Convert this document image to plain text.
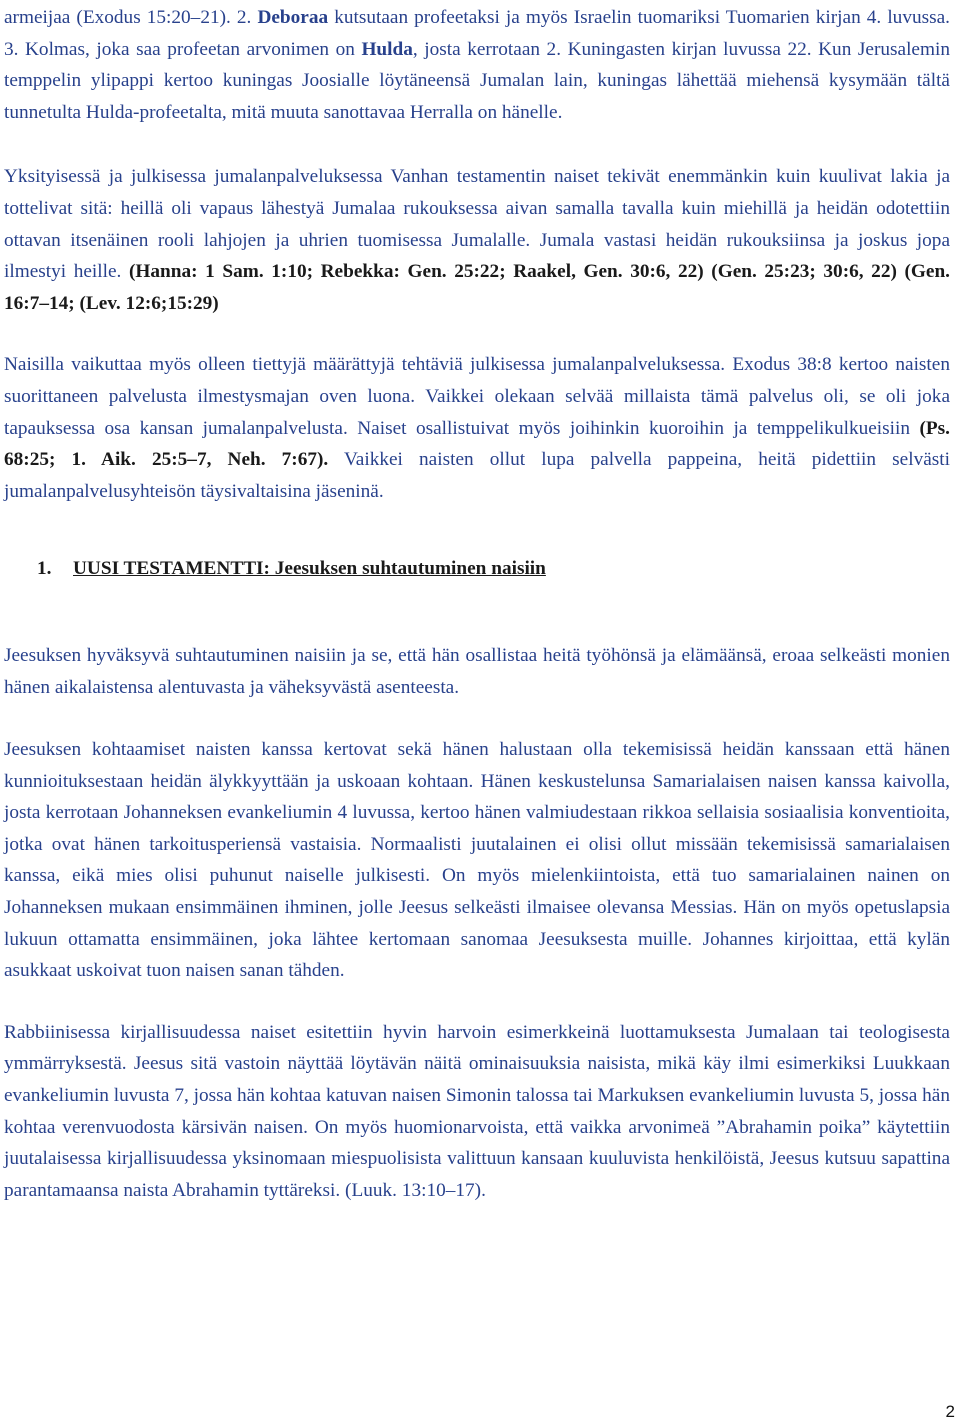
armeijaa (Exodus 15:20–21). 2. Deboraa kutsutaan profeetaksi ja myös Israelin tuomariksi Tuomarien kirjan 4. luvussa. 3. Kolmas, joka saa profeetan arvonimen on Hulda, josta kerrotaan 2. Kuningasten kirjan luvussa 22. Kun Jerusalemin temppelin ylipappi kertoo kuningas Joosialle löytäneensä Jumalan lain, kuningas lähettää miehensä kysymään tältä tunnetulta Hulda-profeetalta, mitä muuta sanottavaa Herralla on hänelle.

Yksityisessä ja julkisessa jumalanpalveluksessa Vanhan testamentin naiset tekivät enemmänkin kuin kuulivat lakia ja tottelivat sitä: heillä oli vapaus lähestyä Jumalaa rukouksessa aivan samalla tavalla kuin miehillä ja heidän odotettiin ottavan itsenäinen rooli lahjojen ja uhrien tuomisessa Jumalalle. Jumala vastasi heidän rukouksiinsa ja joskus jopa ilmestyi heille. (Hanna: 1 Sam. 1:10; Rebekka: Gen. 25:22; Raakel, Gen. 30:6, 22) (Gen. 25:23; 30:6, 22) (Gen. 16:7–14; (Lev. 12:6;15:29)

Naisilla vaikuttaa myös olleen tiettyjä määrättyjä tehtäviä julkisessa jumalanpalveluksessa. Exodus 38:8 kertoo naisten suorittaneen palvelusta ilmestysmajan oven luona. Vaikkei olekaan selvää millaista tämä palvelus oli, se oli joka tapauksessa osa kansan jumalanpalvelusta. Naiset osallistuivat myös joihinkin kuoroihin ja temppelikulkueisiin (Ps. 68:25; 1. Aik. 25:5–7, Neh. 7:67). Vaikkei naisten ollut lupa palvella pappeina, heitä pidettiin selvästi jumalanpalvelusyhteisön täysivaltaisina jäseninä.

1. UUSI TESTAMENTTI: Jeesuksen suhtautuminen naisiin

Jeesuksen hyväksyvä suhtautuminen naisiin ja se, että hän osallistaa heitä työhönsä ja elämäänsä, eroaa selkeästi monien hänen aikalaistensa alentuvasta ja väheksyvästä asenteesta.

Jeesuksen kohtaamiset naisten kanssa kertovat sekä hänen halustaan olla tekemisissä heidän kanssaan että hänen kunnioituksestaan heidän älykkyyttään ja uskoaan kohtaan. Hänen keskustelunsa Samarialaisen naisen kanssa kaivolla, josta kerrotaan Johanneksen evankeliumin 4 luvussa, kertoo hänen valmiudestaan rikkoa sellaisia sosiaalisia konventioita, jotka ovat hänen tarkoitusperiensä vastaisia. Normaalisti juutalainen ei olisi ollut missään tekemisissä samarialaisen kanssa, eikä mies olisi puhunut naiselle julkisesti. On myös mielenkiintoista, että tuo samarialainen nainen on Johanneksen mukaan ensimmäinen ihminen, jolle Jeesus selkeästi ilmaisee olevansa Messias. Hän on myös opetuslapsia lukuun ottamatta ensimmäinen, joka lähtee kertomaan sanomaa Jeesuksesta muille. Johannes kirjoittaa, että kylän asukkaat uskoivat tuon naisen sanan tähden.

Rabbiinisessa kirjallisuudessa naiset esitettiin hyvin harvoin esimerkkeinä luottamuksesta Jumalaan tai teologisesta ymmärryksestä. Jeesus sitä vastoin näyttää löytävän näitä ominaisuuksia naisista, mikä käy ilmi esimerkiksi Luukkaan evankeliumin luvusta 7, jossa hän kohtaa katuvan naisen Simonin talossa tai Markuksen evankeliumin luvusta 5, jossa hän kohtaa verenvuodosta kärsivän naisen. On myös huomionarvoista, että vaikka arvonimeä ”Abrahamin poika” käytettiin juutalaisessa kirjallisuudessa yksinomaan miespuolisista valittuun kansaan kuuluvista henkilöistä, Jeesus kutsuu sapattina parantamaansa naista Abrahamin tyttäreksi. (Luuk. 13:10–17).

2
